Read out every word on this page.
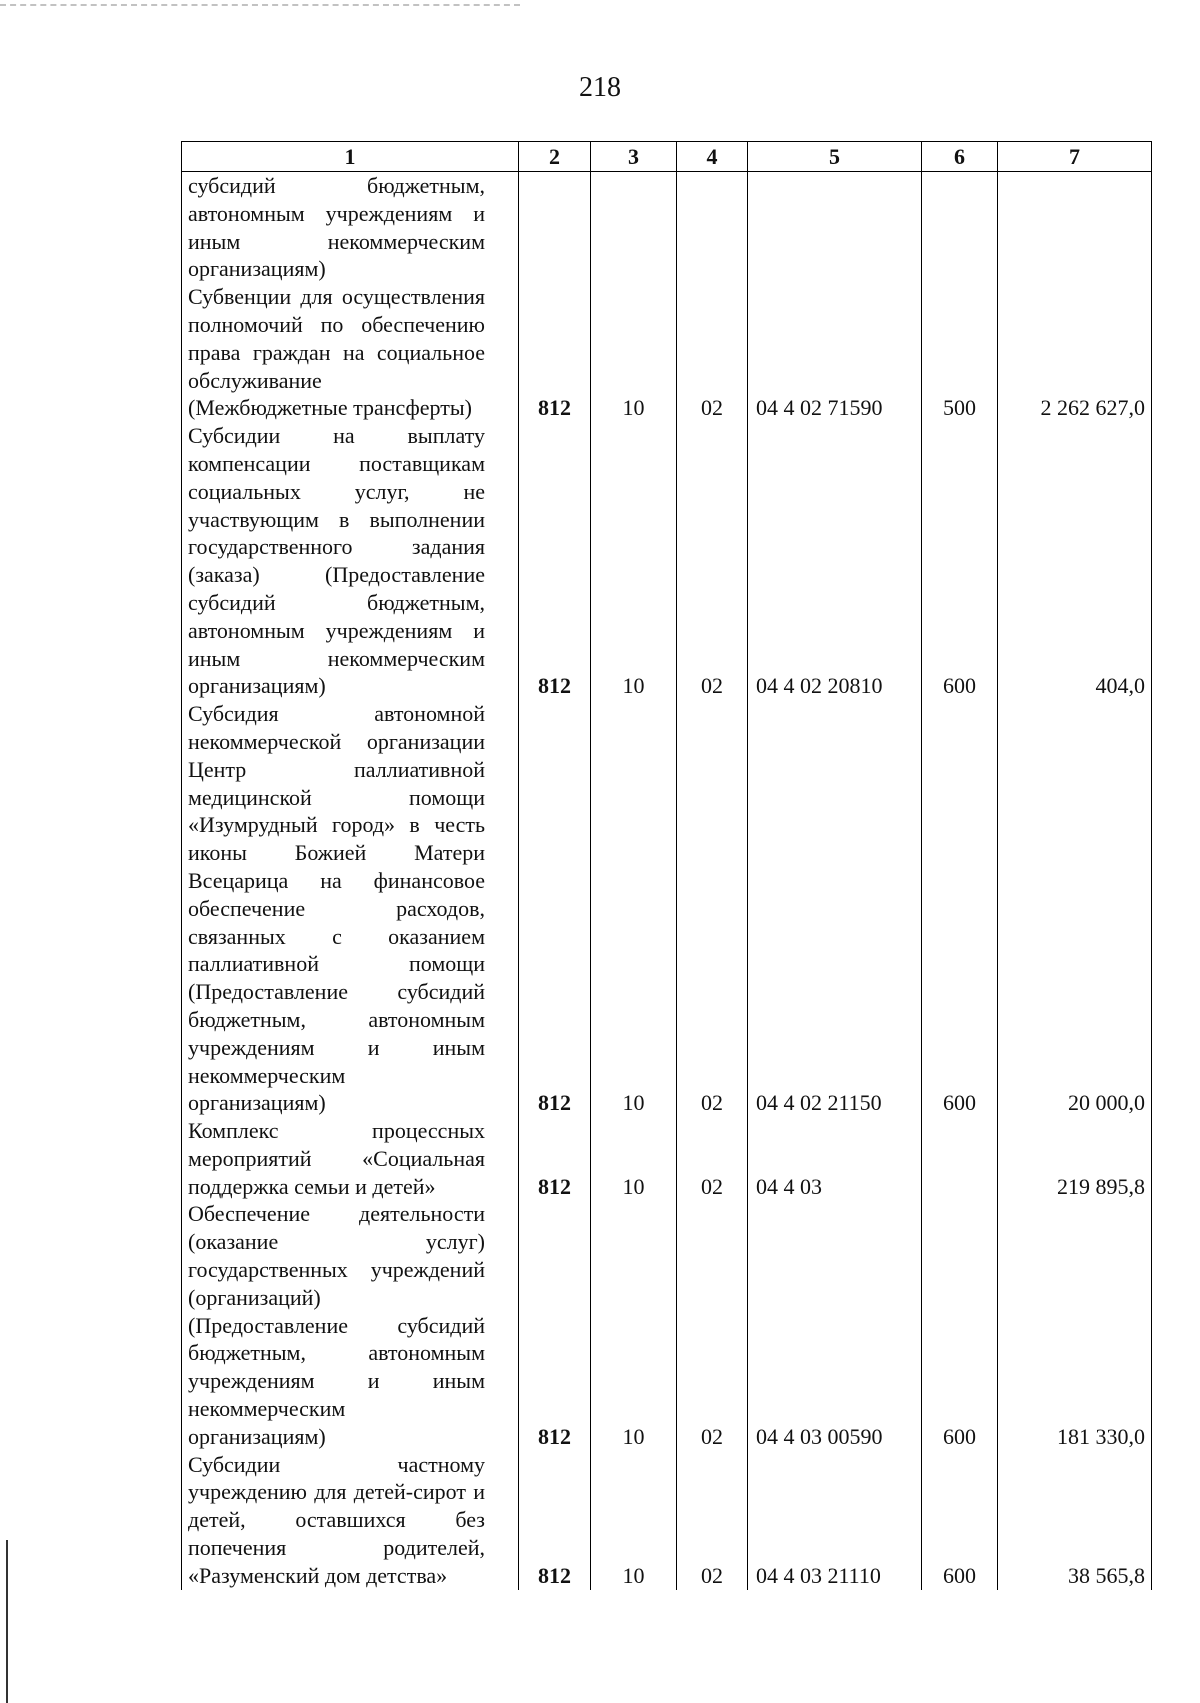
218
1	2	3	4	5	6	7

субсидий бюджетным, автономным учреждениям и иным некоммерческим организациям)						

Субвенции для осуществления полномочий по обеспечению права граждан на социальное обслуживание (Межбюджетные трансферты)	812	10	02	04 4 02 71590	500	2 262 627,0

Субсидии на выплату компенсации поставщикам социальных услуг, не участвующим в выполнении государственного задания (заказа) (Предоставление субсидий бюджетным, автономным учреждениям и иным некоммерческим организациям)	812	10	02	04 4 02 20810	600	404,0

Субсидия автономной некоммерческой организации Центр паллиативной медицинской помощи «Изумрудный город» в честь иконы Божией Матери Всецарица на финансовое обеспечение расходов, связанных с оказанием паллиативной помощи (Предоставление субсидий бюджетным, автономным учреждениям и иным некоммерческим организациям)	812	10	02	04 4 02 21150	600	20 000,0

Комплекс процессных мероприятий «Социальная поддержка семьи и детей»	812	10	02	04 4 03		219 895,8

Обеспечение деятельности (оказание услуг) государственных учреждений (организаций) (Предоставление субсидий бюджетным, автономным учреждениям и иным некоммерческим организациям)	812	10	02	04 4 03 00590	600	181 330,0

Субсидии частному учреждению для детей-сирот и детей, оставшихся без попечения родителей, «Разуменский дом детства»	812	10	02	04 4 03 21110	600	38 565,8
